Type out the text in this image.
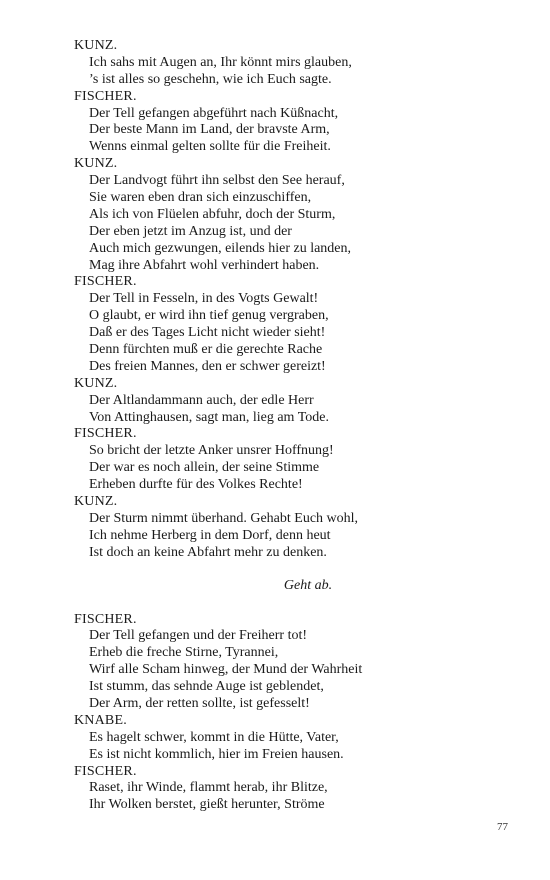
KUNZ.
Ich sahs mit Augen an, Ihr könnt mirs glauben,
’s ist alles so geschehn, wie ich Euch sagte.
FISCHER.
Der Tell gefangen abgeführt nach Küßnacht,
Der beste Mann im Land, der bravste Arm,
Wenns einmal gelten sollte für die Freiheit.
KUNZ.
Der Landvogt führt ihn selbst den See herauf,
Sie waren eben dran sich einzuschiffen,
Als ich von Flüelen abfuhr, doch der Sturm,
Der eben jetzt im Anzug ist, und der
Auch mich gezwungen, eilends hier zu landen,
Mag ihre Abfahrt wohl verhindert haben.
FISCHER.
Der Tell in Fesseln, in des Vogts Gewalt!
O glaubt, er wird ihn tief genug vergraben,
Daß er des Tages Licht nicht wieder sieht!
Denn fürchten muß er die gerechte Rache
Des freien Mannes, den er schwer gereizt!
KUNZ.
Der Altlandammann auch, der edle Herr
Von Attinghausen, sagt man, lieg am Tode.
FISCHER.
So bricht der letzte Anker unsrer Hoffnung!
Der war es noch allein, der seine Stimme
Erheben durfte für des Volkes Rechte!
KUNZ.
Der Sturm nimmt überhand. Gehabt Euch wohl,
Ich nehme Herberg in dem Dorf, denn heut
Ist doch an keine Abfahrt mehr zu denken.
Geht ab.
FISCHER.
Der Tell gefangen und der Freiherr tot!
Erheb die freche Stirne, Tyrannei,
Wirf alle Scham hinweg, der Mund der Wahrheit
Ist stumm, das sehnde Auge ist geblendet,
Der Arm, der retten sollte, ist gefesselt!
KNABE.
Es hagelt schwer, kommt in die Hütte, Vater,
Es ist nicht kommlich, hier im Freien hausen.
FISCHER.
Raset, ihr Winde, flammt herab, ihr Blitze,
Ihr Wolken berstet, gießt herunter, Ströme
77
